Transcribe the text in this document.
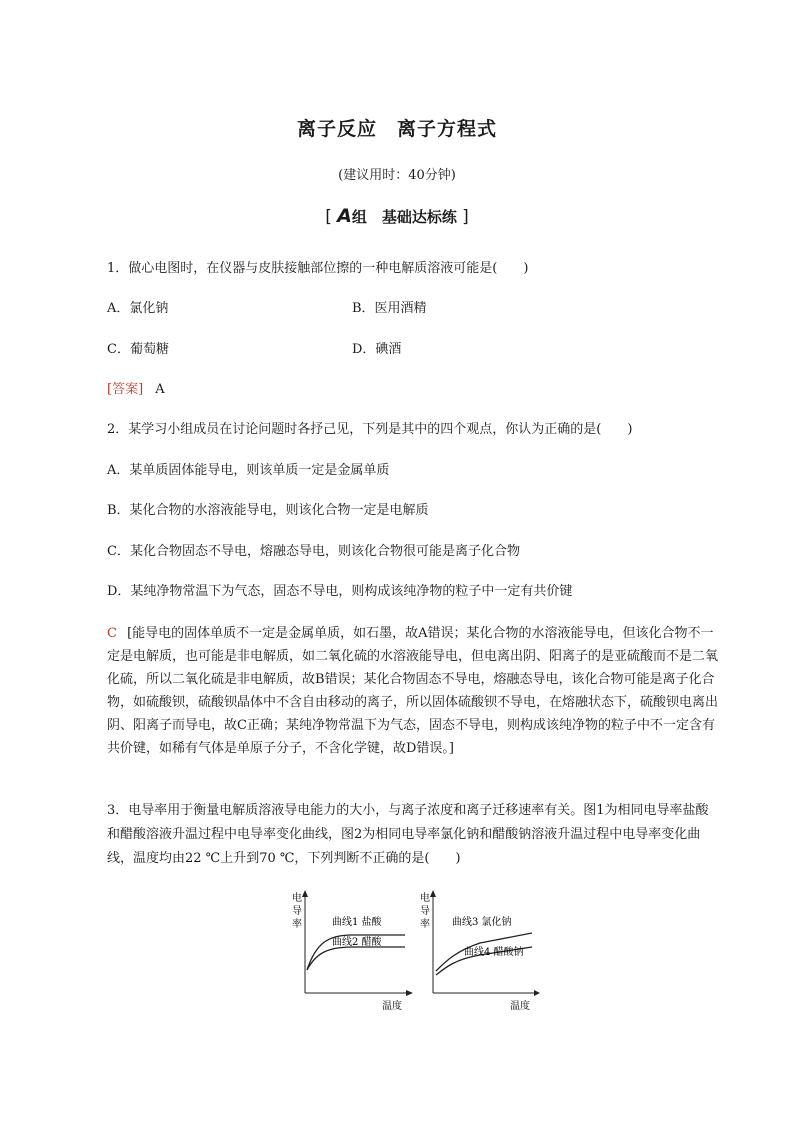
离子反应　离子方程式
(建议用时：40分钟)
[ A组　基础达标练 ]
1．做心电图时，在仪器与皮肤接触部位擦的一种电解质溶液可能是(　　)
A．氯化钠	B．医用酒精
C．葡萄糖	D．碘酒
[答案] A
2．某学习小组成员在讨论问题时各抒己见，下列是其中的四个观点，你认为正确的是(　　)
A．某单质固体能导电，则该单质一定是金属单质
B．某化合物的水溶液能导电，则该化合物一定是电解质
C．某化合物固态不导电，熔融态导电，则该化合物很可能是离子化合物
D．某纯净物常温下为气态，固态不导电，则构成该纯净物的粒子中一定有共价键
C [能导电的固体单质不一定是金属单质，如石墨，故A错误；某化合物的水溶液能导电，但该化合物不一定是电解质，也可能是非电解质，如二氧化硫的水溶液能导电，但电离出阴、阳离子的是亚硫酸而不是二氧化硫，所以二氧化硫是非电解质，故B错误；某化合物固态不导电，熔融态导电，该化合物可能是离子化合物，如硫酸钡，硫酸钡晶体中不含自由移动的离子，所以固体硫酸钡不导电，在熔融状态下，硫酸钡电离出阴、阳离子而导电，故C正确；某纯净物常温下为气态，固态不导电，则构成该纯净物的粒子中不一定含有共价键，如稀有气体是单原子分子，不含化学键，故D错误。]
3．电导率用于衡量电解质溶液导电能力的大小，与离子浓度和离子迁移速率有关。图1为相同电导率盐酸和醋酸溶液升温过程中电导率变化曲线，图2为相同电导率氯化钠和醋酸钠溶液升温过程中电导率变化曲线，温度均由22 ℃上升到70 ℃，下列判断不正确的是(　　)
电
导
率	曲线1 盐酸
曲线2 醋酸
温度
电
导
率 曲线3 氯化钠
曲线4 醋酸钠
温度
